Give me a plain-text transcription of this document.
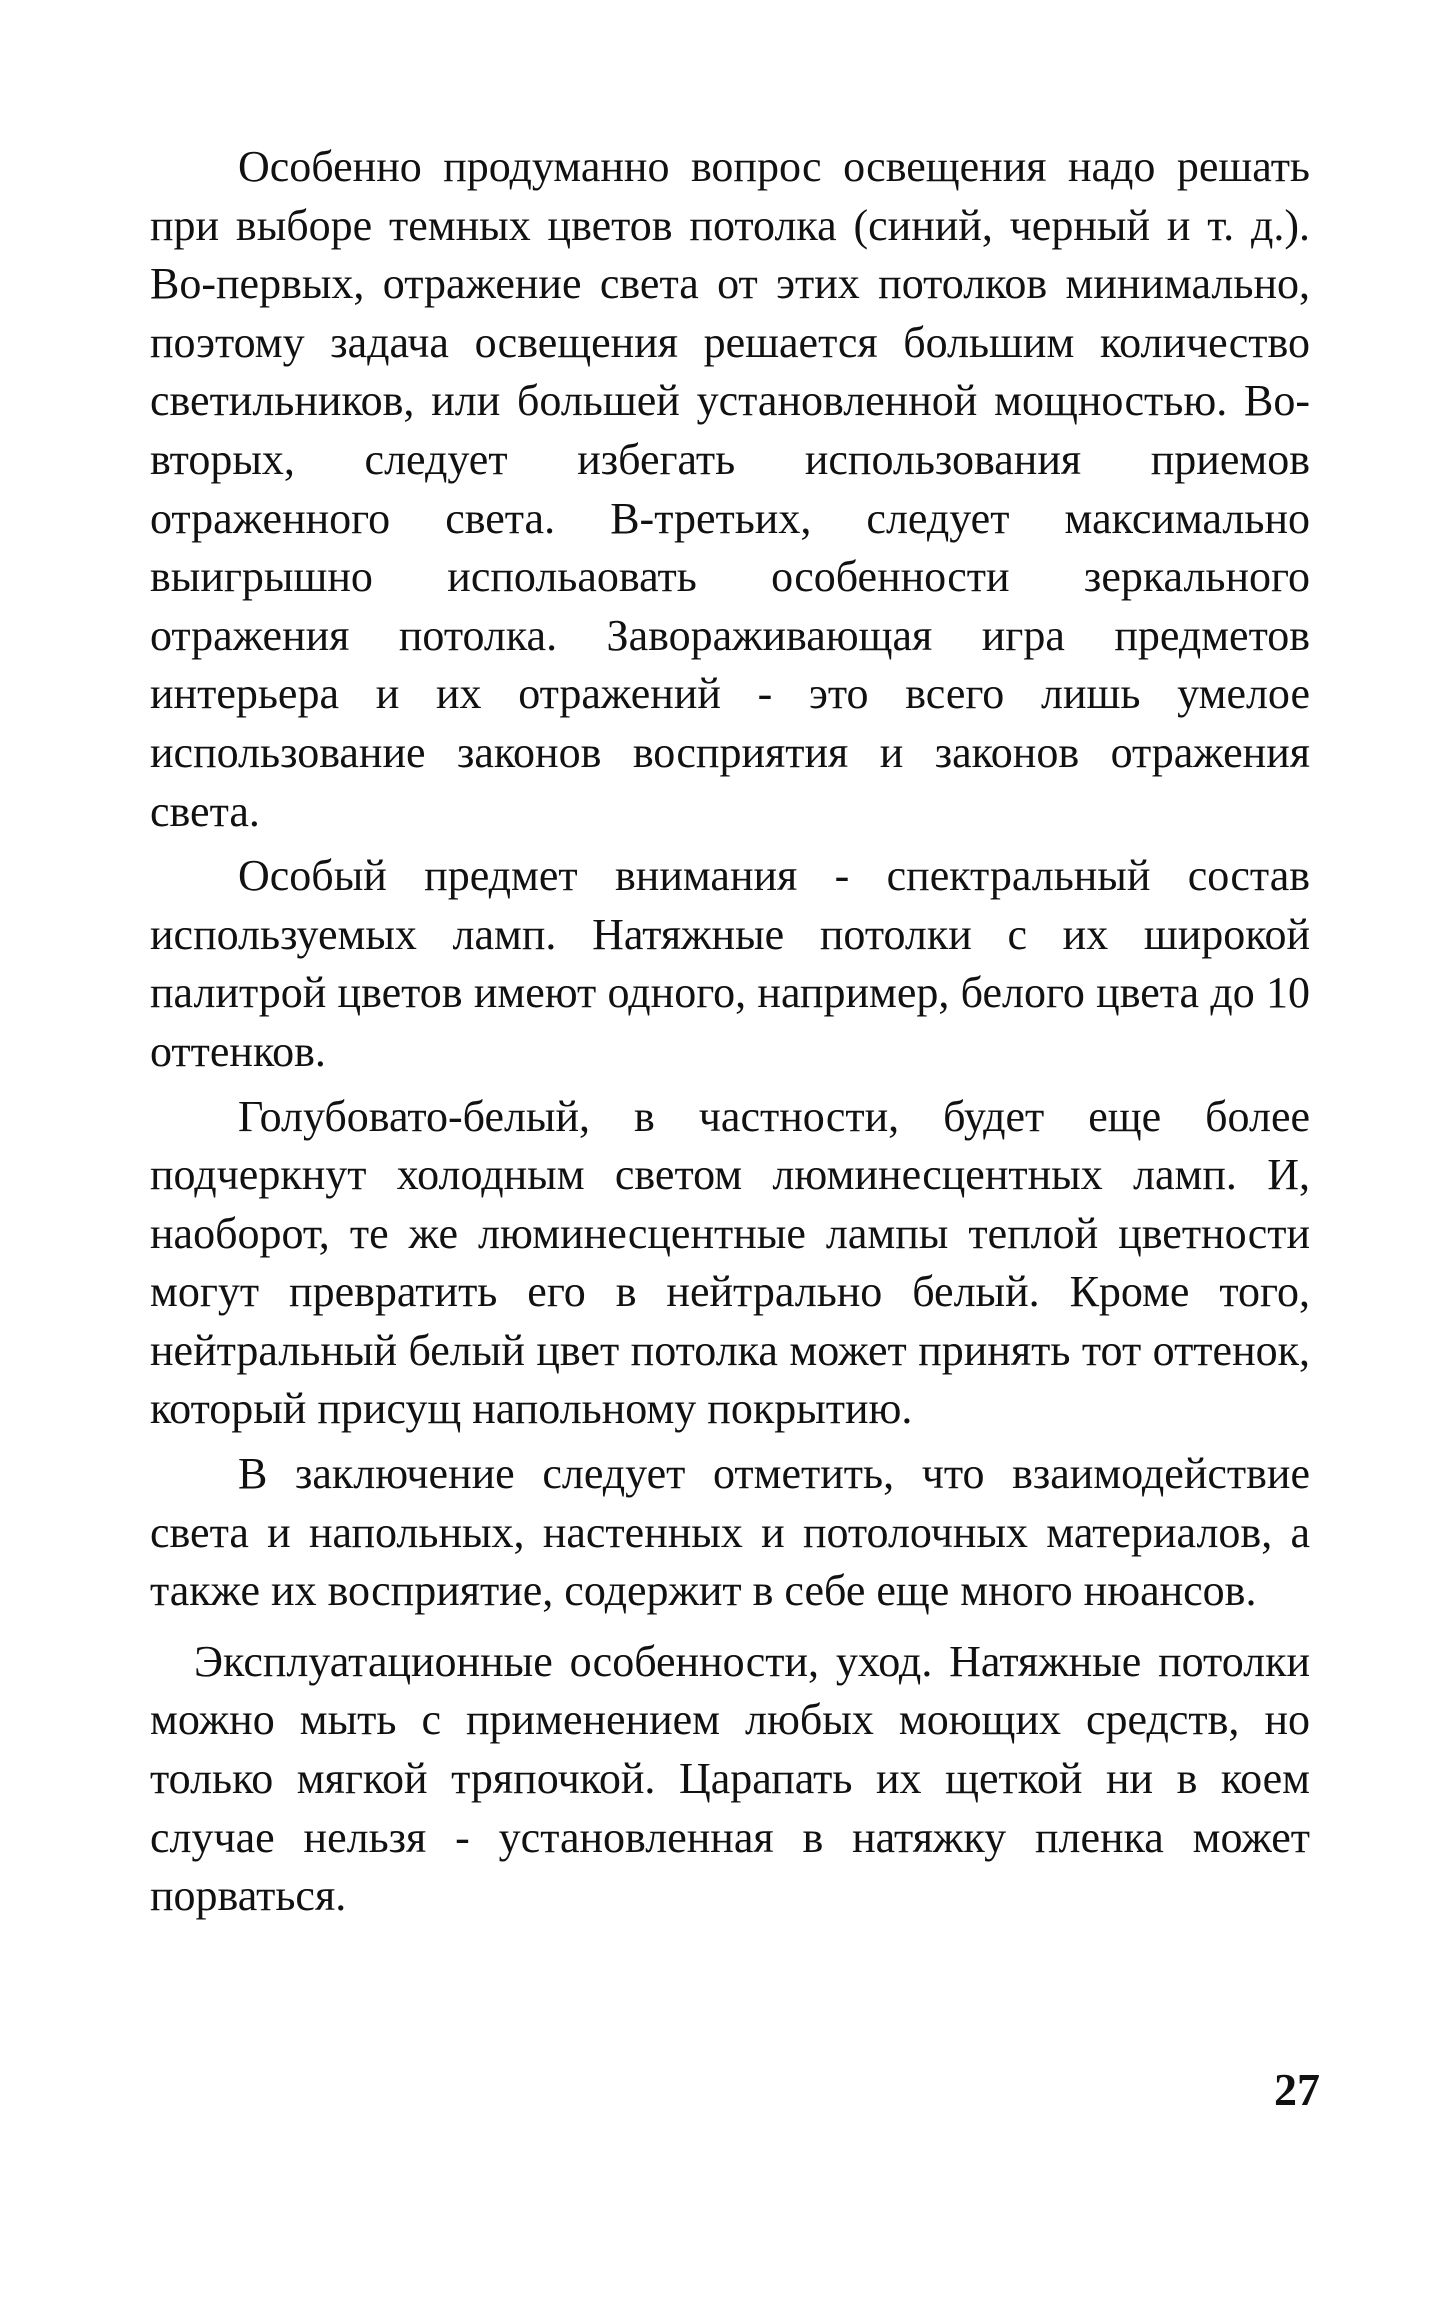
Особенно продуманно вопрос освещения надо решать при выборе темных цветов потолка (синий, черный и т. д.). Во-первых, отражение света от этих потолков минимально, поэтому задача освещения решается большим количество светильников, или большей установленной мощностью. Во-вторых, следует избегать использования приемов отраженного света. В-третьих, следует максимально выигрышно испольаовать особенности зеркального отражения потолка. Завораживающая игра предметов интерьера и их отражений - это всего лишь умелое использование законов восприятия и законов отражения света.

Особый предмет внимания - спектральный состав используемых ламп. Натяжные потолки с их широкой палитрой цветов имеют одного, например, белого цвета до 10 оттенков.

Голубовато-белый, в частности, будет еще более подчеркнут холодным светом люминесцентных ламп. И, наоборот, те же люминесцентные лампы теплой цветности могут превратить его в нейтрально белый. Кроме того, нейтральный белый цвет потолка может принять тот оттенок, который присущ напольному покрытию.

В заключение следует отметить, что взаимодействие света и напольных, настенных и потолочных материалов, а также их восприятие, содержит в себе еще много нюансов.

Эксплуатационные особенности, уход. Натяжные потолки можно мыть с применением любых моющих средств, но только мягкой тряпочкой. Царапать их щеткой ни в коем случае нельзя - установленная в натяжку пленка может порваться.

27
